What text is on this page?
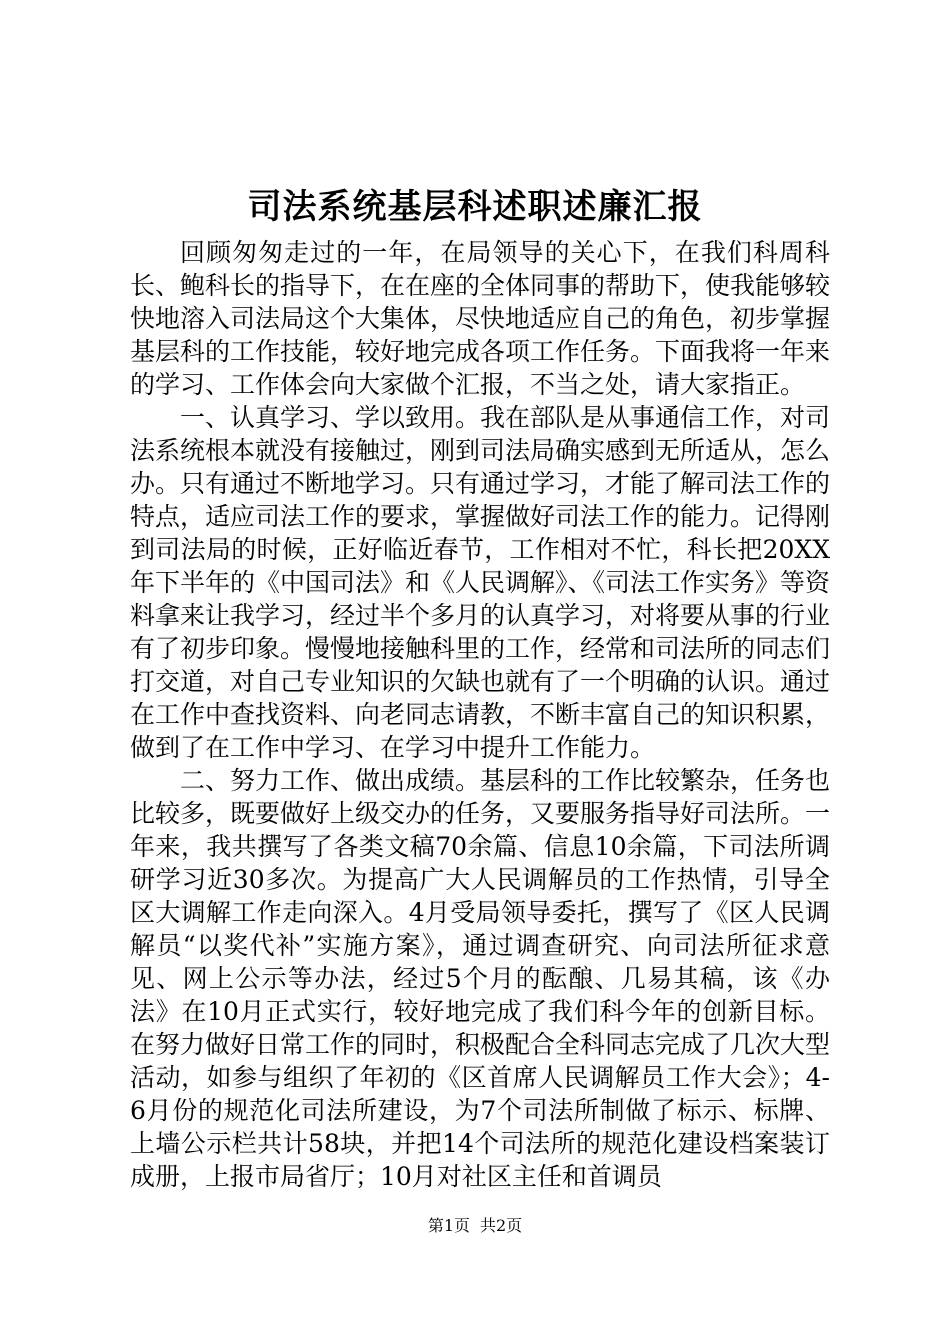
司法系统基层科述职述廉汇报

回顾匆匆走过的一年，在局领导的关心下，在我们科周科长、鲍科长的指导下，在在座的全体同事的帮助下，使我能够较快地溶入司法局这个大集体，尽快地适应自己的角色，初步掌握基层科的工作技能，较好地完成各项工作任务。下面我将一年来的学习、工作体会向大家做个汇报，不当之处，请大家指正。

一、认真学习、学以致用。我在部队是从事通信工作，对司法系统根本就没有接触过，刚到司法局确实感到无所适从，怎么办。只有通过不断地学习。只有通过学习，才能了解司法工作的特点，适应司法工作的要求，掌握做好司法工作的能力。记得刚到司法局的时候，正好临近春节，工作相对不忙，科长把20XX年下半年的《中国司法》和《人民调解》、《司法工作实务》等资料拿来让我学习，经过半个多月的认真学习，对将要从事的行业有了初步印象。慢慢地接触科里的工作，经常和司法所的同志们打交道，对自己专业知识的欠缺也就有了一个明确的认识。通过在工作中查找资料、向老同志请教，不断丰富自己的知识积累，做到了在工作中学习、在学习中提升工作能力。

二、努力工作、做出成绩。基层科的工作比较繁杂，任务也比较多，既要做好上级交办的任务，又要服务指导好司法所。一年来，我共撰写了各类文稿70余篇、信息10余篇，下司法所调研学习近30多次。为提高广大人民调解员的工作热情，引导全区大调解工作走向深入。4月受局领导委托，撰写了《区人民调解员“以奖代补”实施方案》，通过调查研究、向司法所征求意见、网上公示等办法，经过5个月的酝酿、几易其稿，该《办法》在10月正式实行，较好地完成了我们科今年的创新目标。在努力做好日常工作的同时，积极配合全科同志完成了几次大型活动，如参与组织了年初的《区首席人民调解员工作大会》；4-6月份的规范化司法所建设，为7个司法所制做了标示、标牌、上墙公示栏共计58块，并把14个司法所的规范化建设档案装订成册，上报市局省厅；10月对社区主任和首调员

第1页 共2页
